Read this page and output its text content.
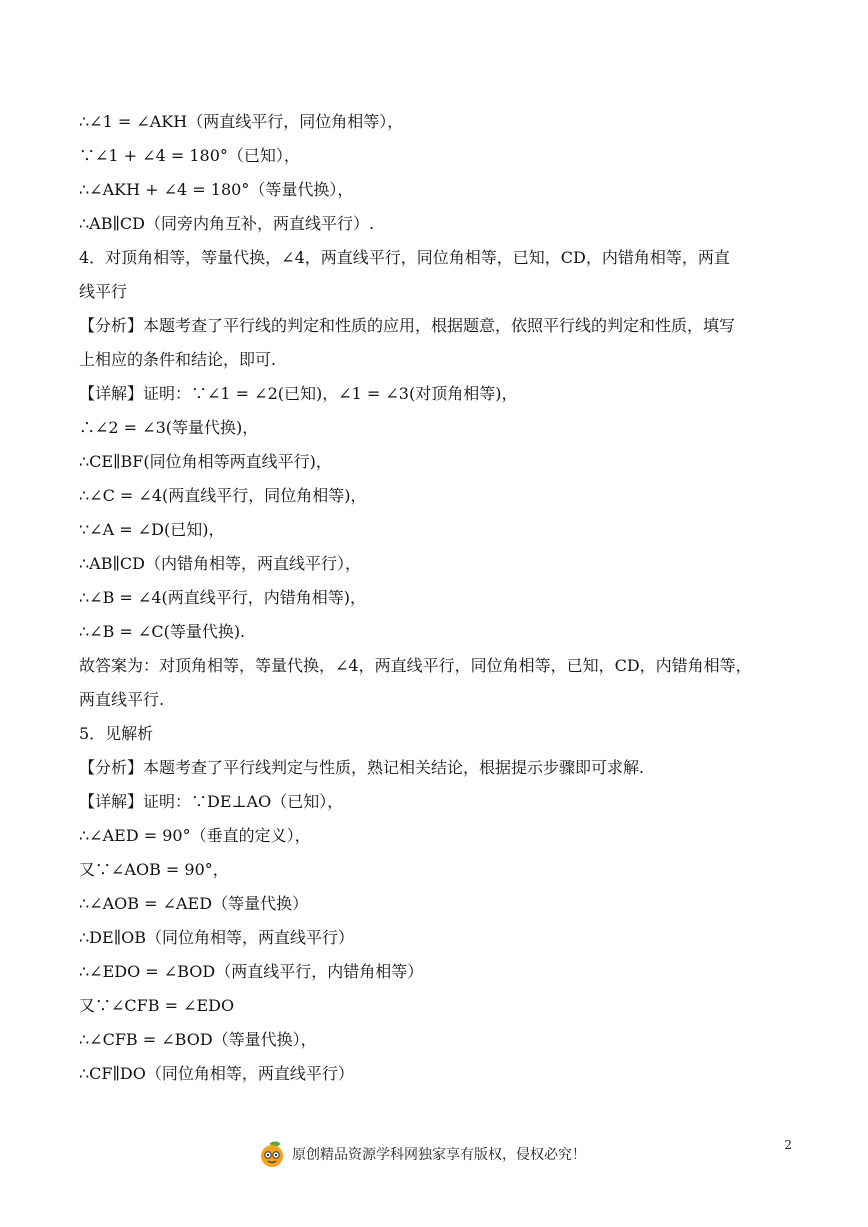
∴∠1 = ∠AKH（两直线平行，同位角相等），
∵∠1 + ∠4 = 180°（已知），
∴∠AKH + ∠4 = 180°（等量代换），
∴AB∥CD（同旁内角互补，两直线平行）.
4．对顶角相等，等量代换，∠4，两直线平行，同位角相等，已知，CD，内错角相等，两直
线平行
【分析】本题考查了平行线的判定和性质的应用，根据题意，依照平行线的判定和性质，填写
上相应的条件和结论，即可.
【详解】证明：∵∠1 = ∠2(已知)，∠1 = ∠3(对顶角相等)，
∴∠2 = ∠3(等量代换)，
∴CE∥BF(同位角相等两直线平行)，
∴∠C = ∠4(两直线平行，同位角相等)，
∵∠A = ∠D(已知)，
∴AB∥CD（内错角相等，两直线平行），
∴∠B = ∠4(两直线平行，内错角相等)，
∴∠B = ∠C(等量代换).
故答案为：对顶角相等，等量代换，∠4，两直线平行，同位角相等，已知，CD，内错角相等，
两直线平行.
5．见解析
【分析】本题考查了平行线判定与性质，熟记相关结论，根据提示步骤即可求解.
【详解】证明：∵DE⊥AO（已知），
∴∠AED = 90°（垂直的定义），
又∵∠AOB = 90°，
∴∠AOB = ∠AED（等量代换）
∴DE∥OB（同位角相等，两直线平行）
∴∠EDO = ∠BOD（两直线平行，内错角相等）
又∵∠CFB = ∠EDO
∴∠CFB = ∠BOD（等量代换），
∴CF∥DO（同位角相等，两直线平行）
原创精品资源学科网独家享有版权，侵权必究！
2
